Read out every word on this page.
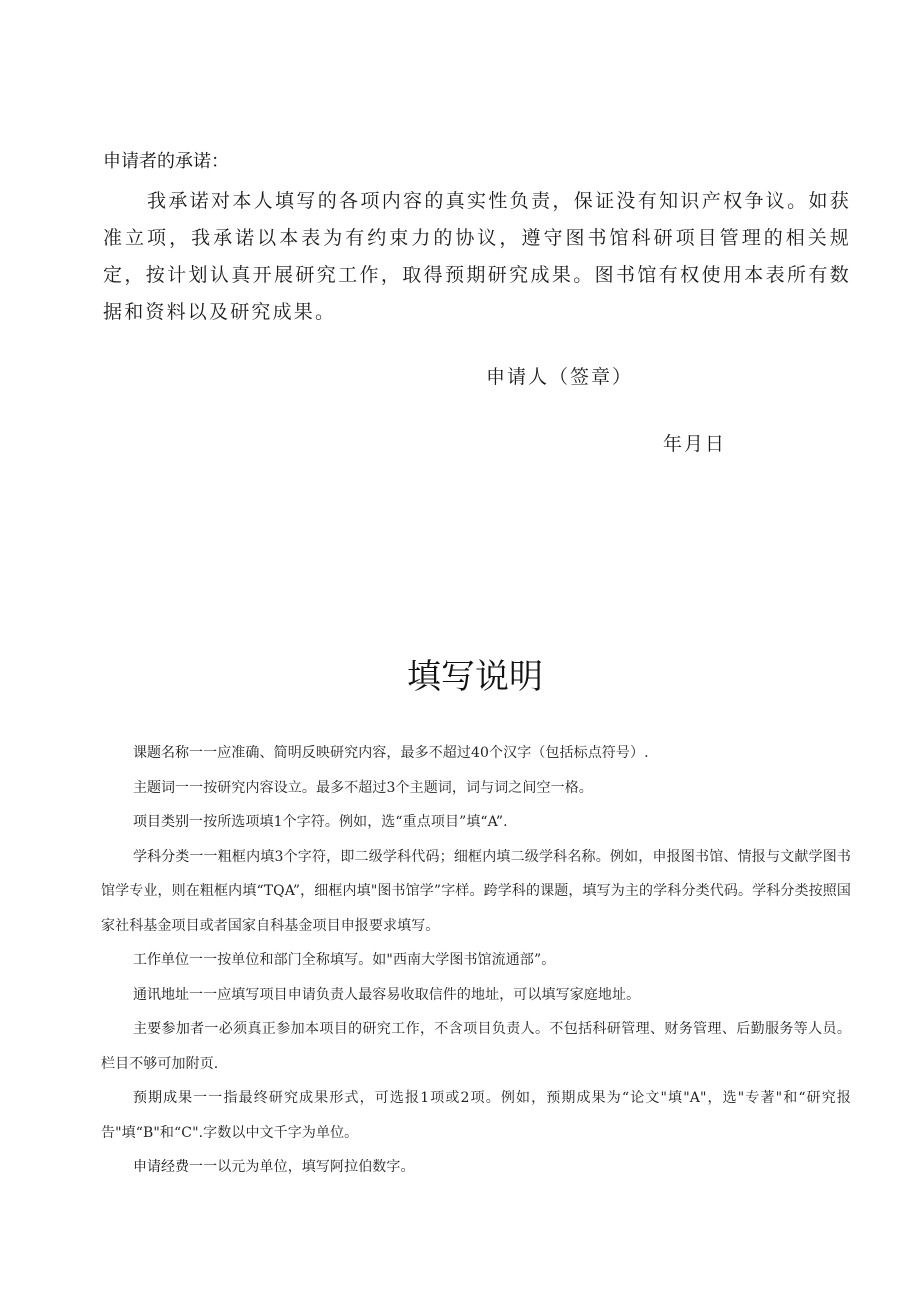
申请者的承诺：

我承诺对本人填写的各项内容的真实性负责，保证没有知识产权争议。如获准立项，我承诺以本表为有约束力的协议，遵守图书馆科研项目管理的相关规定，按计划认真开展研究工作，取得预期研究成果。图书馆有权使用本表所有数据和资料以及研究成果。

申请人（签章）
年月日
填写说明
课题名称一一应准确、简明反映研究内容，最多不超过40个汉字（包括标点符号）.
主题词一一按研究内容设立。最多不超过3个主题词，词与词之间空一格。
项目类别一按所选项填1个字符。例如，选“重点项目”填“A”.
学科分类一一粗框内填3个字符，即二级学科代码；细框内填二级学科名称。例如，申报图书馆、情报与文献学图书馆学专业，则在粗框内填“TQA”，细框内填"图书馆学”字样。跨学科的课题，填写为主的学科分类代码。学科分类按照国家社科基金项目或者国家自科基金项目申报要求填写。
工作单位一一按单位和部门全称填写。如"西南大学图书馆流通部”。
通讯地址一一应填写项目申请负责人最容易收取信件的地址，可以填写家庭地址。
主要参加者一必须真正参加本项目的研究工作，不含项目负责人。不包括科研管理、财务管理、后勤服务等人员。栏目不够可加附页.
预期成果一一指最终研究成果形式，可选报1项或2项。例如，预期成果为“论文"填"A"，选"专著"和“研究报告"填“B"和“C".字数以中文千字为单位。
申请经费一一以元为单位，填写阿拉伯数字。
